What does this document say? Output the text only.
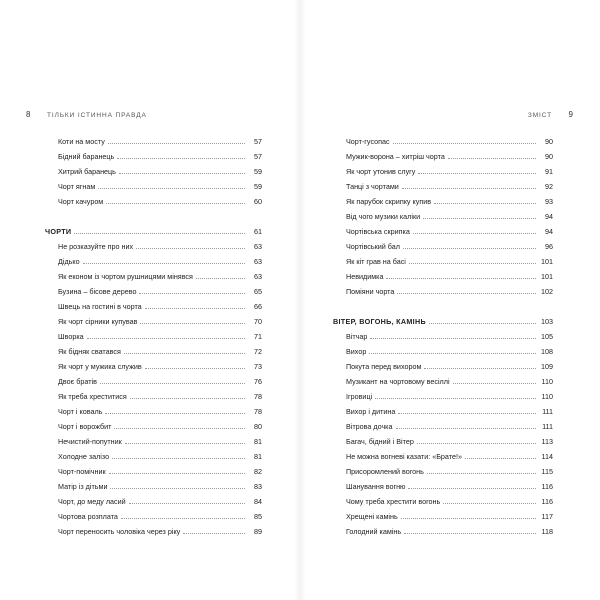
8	ТІЛЬКИ ІСТИННА ПРАВДА	ЗМІСТ 9
Коти на мосту	57
Бідний баранець	57
Хитрий баранець	59
Чорт ягнам	59
Чорт качуром	60
ЧОРТИ	61
Не розказуйте про них	63
Дідько	63
Як економ із чортом рушницями мінявся	63
Бузина – бісове дерево	65
Швець на гостині в чорта	66
Як чорт сірники купував	70
Шворка	71
Як бідняк сватався	72
Як чорт у мужика служив	73
Двоє братів	76
Як треба хреститися	78
Чорт і коваль	78
Чорт і ворожбит	80
Нечистий-попутник	81
Холодне залізо	81
Чорт-помічник	82
Матір із дітьми	83
Чорт, до меду ласий	84
Чортова розплата	85
Чорт переносить чоловіка через ріку	89
Чорт-гусопас	90
Мужик-ворона – хитріш чорта	90
Як чорт утонив слугу	91
Танці з чортами	92
Як парубок скрипку купив	93
Від чого музики каліки	94
Чортівська скрипка	94
Чортівський бал	96
Як кіт грав на басі	101
Невидимка	101
Поміяни чорта	102
ВІТЕР, ВОГОНЬ, КАМІНЬ	103
Вітчар	105
Вихор	108
Покута перед вихором	109
Музикант на чортовому весіллі	110
Ігровиці	110
Вихор і дитина	111
Вітрова дочка	111
Багач, бідний і Вітер	113
Не можна вогневі казати: «Брате!»	114
Присоромлений вогонь	115
Шанування вогню	116
Чому треба хрестити вогонь	116
Хрещені камінь	117
Голодний камінь	118
